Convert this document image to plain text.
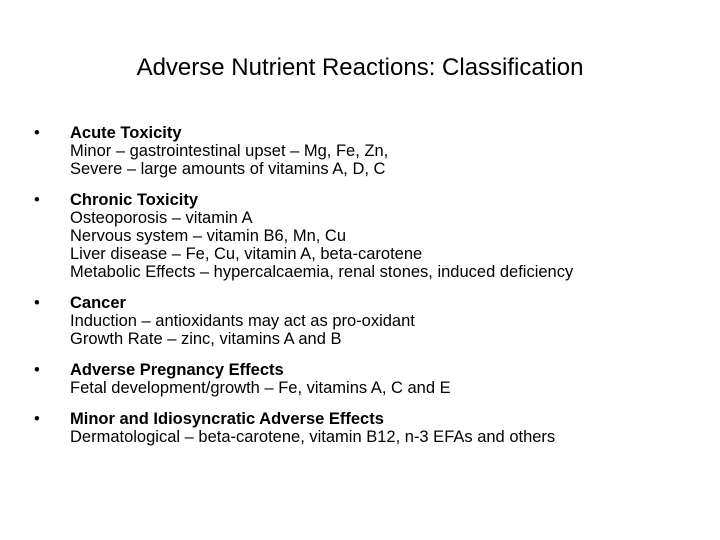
Adverse Nutrient Reactions: Classification
•	Acute Toxicity
Minor – gastrointestinal upset – Mg, Fe, Zn,
Severe – large amounts of vitamins A, D, C
•	Chronic Toxicity
Osteoporosis – vitamin A
Nervous system – vitamin B6, Mn, Cu
Liver disease – Fe, Cu, vitamin A, beta-carotene
Metabolic Effects – hypercalcaemia, renal stones, induced deficiency
•	Cancer
Induction – antioxidants may act as pro-oxidant
Growth Rate – zinc, vitamins A and B
•	Adverse Pregnancy Effects
Fetal development/growth – Fe, vitamins A, C and E
•	Minor and Idiosyncratic Adverse Effects
Dermatological – beta-carotene, vitamin B12, n-3 EFAs and others
